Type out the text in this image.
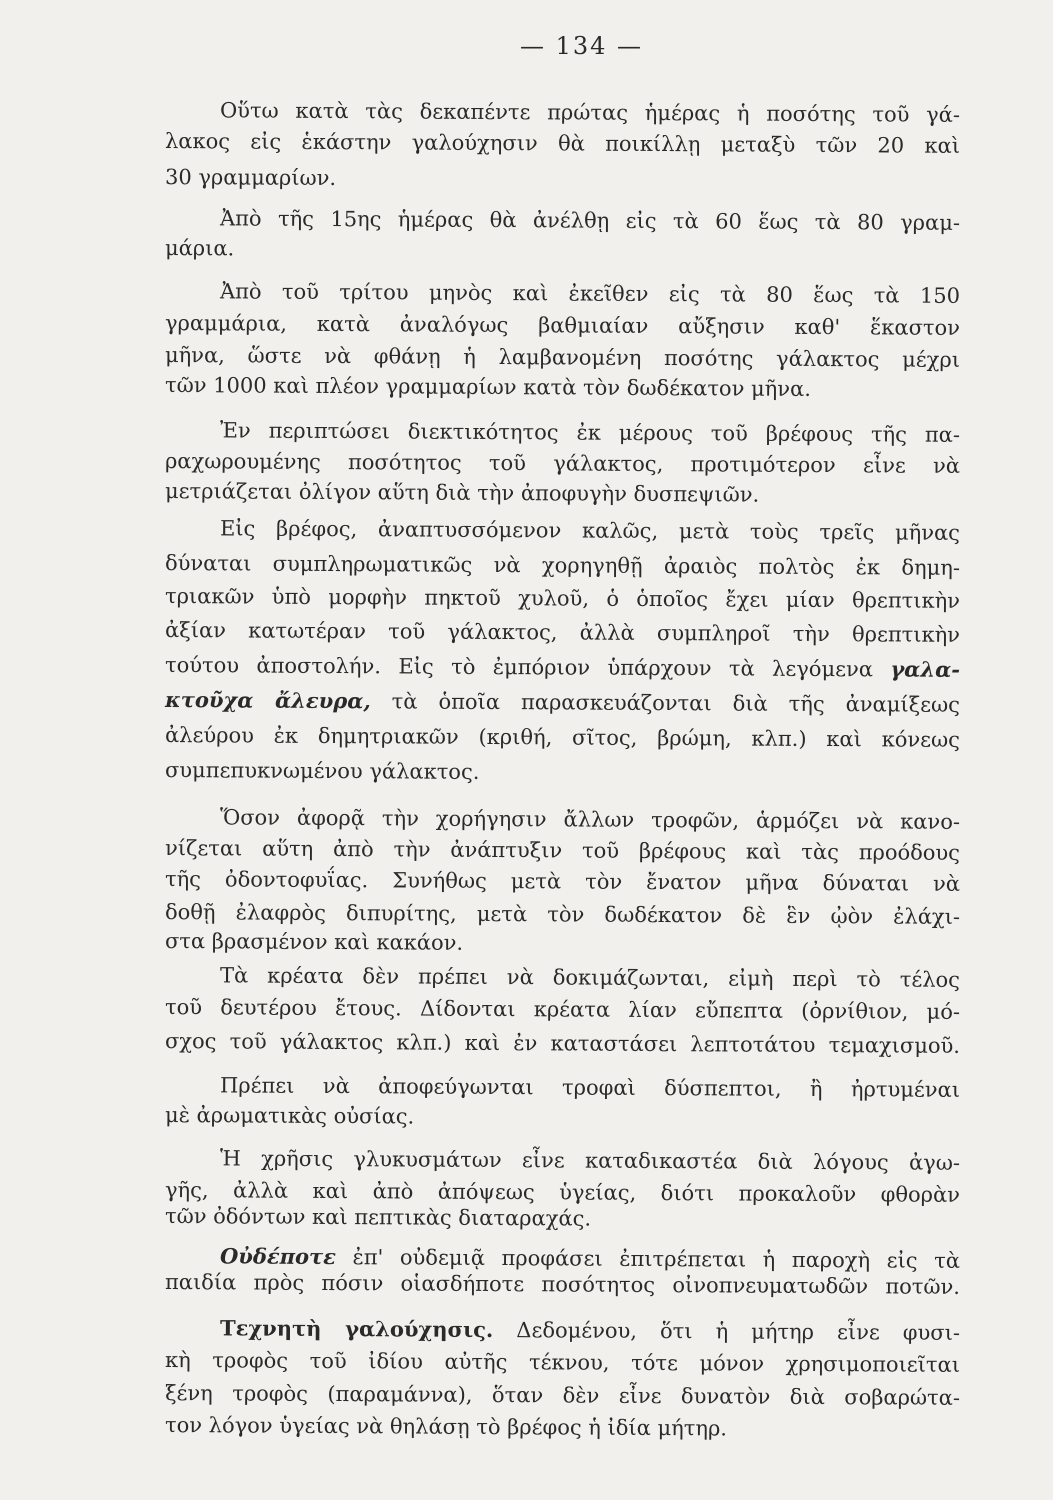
— 134 —
Οὕτω κατὰ τὰς δεκαπέντε πρώτας ἡμέρας ἡ ποσότης τοῦ γά-
λακος εἰς ἑκάστην γαλούχησιν θὰ ποικίλλῃ μεταξὺ τῶν 20 καὶ
30 γραμμαρίων.
Ἀπὸ τῆς 15ης ἡμέρας θὰ ἀνέλθῃ εἰς τὰ 60 ἕως τὰ 80 γραμ-
μάρια.
Ἀπὸ τοῦ τρίτου μηνὸς καὶ ἐκεῖθεν εἰς τὰ 80 ἕως τὰ 150
γραμμάρια, κατὰ ἀναλόγως βαθμιαίαν αὔξησιν καθ' ἕκαστον
μῆνα, ὥστε νὰ φθάνῃ ἡ λαμβανομένη ποσότης γάλακτος μέχρι
τῶν 1000 καὶ πλέον γραμμαρίων κατὰ τὸν δωδέκατον μῆνα.
Ἐν περιπτώσει διεκτικότητος ἐκ μέρους τοῦ βρέφους τῆς πα-
ραχωρουμένης ποσότητος τοῦ γάλακτος, προτιμότερον εἶνε νὰ
μετριάζεται ὀλίγον αὕτη διὰ τὴν ἀποφυγὴν δυσπεψιῶν.
Εἰς βρέφος, ἀναπτυσσόμενον καλῶς, μετὰ τοὺς τρεῖς μῆνας
δύναται συμπληρωματικῶς νὰ χορηγηθῇ ἀραιὸς πολτὸς ἐκ δημη-
τριακῶν ὑπὸ μορφὴν πηκτοῦ χυλοῦ, ὁ ὁποῖος ἔχει μίαν θρεπτικὴν
ἀξίαν κατωτέραν τοῦ γάλακτος, ἀλλὰ συμπληροῖ τὴν θρεπτικὴν
τούτου ἀποστολήν. Εἰς τὸ ἐμπόριον ὑπάρχουν τὰ λεγόμενα γαλα-
κτοῦχα ἄλευρα, τὰ ὁποῖα παρασκευάζονται διὰ τῆς ἀναμίξεως
ἀλεύρου ἐκ δημητριακῶν (κριθή, σῖτος, βρώμη, κλπ.) καὶ κόνεως
συμπεπυκνωμένου γάλακτος.
Ὅσον ἀφορᾷ τὴν χορήγησιν ἄλλων τροφῶν, ἁρμόζει νὰ κανο-
νίζεται αὕτη ἀπὸ τὴν ἀνάπτυξιν τοῦ βρέφους καὶ τὰς προόδους
τῆς ὀδοντοφυΐας. Συνήθως μετὰ τὸν ἔνατον μῆνα δύναται νὰ
δοθῇ ἐλαφρὸς διπυρίτης, μετὰ τὸν δωδέκατον δὲ ἓν ᾠὸν ἐλάχι-
στα βρασμένον καὶ κακάον.
Τὰ κρέατα δὲν πρέπει νὰ δοκιμάζωνται, εἰμὴ περὶ τὸ τέλος
τοῦ δευτέρου ἔτους. Δίδονται κρέατα λίαν εὔπεπτα (ὀρνίθιον, μό-
σχος τοῦ γάλακτος κλπ.) καὶ ἐν καταστάσει λεπτοτάτου τεμαχισμοῦ.
Πρέπει νὰ ἀποφεύγωνται τροφαὶ δύσπεπτοι, ἢ ἠρτυμέναι
μὲ ἀρωματικὰς οὐσίας.
Ἡ χρῆσις γλυκυσμάτων εἶνε καταδικαστέα διὰ λόγους ἀγω-
γῆς, ἀλλὰ καὶ ἀπὸ ἀπόψεως ὑγείας, διότι προκαλοῦν φθορὰν
τῶν ὀδόντων καὶ πεπτικὰς διαταραχάς.
Οὐδέποτε ἐπ' οὐδεμιᾷ προφάσει ἐπιτρέπεται ἡ παροχὴ εἰς τὰ
παιδία πρὸς πόσιν οἱασδήποτε ποσότητος οἰνοπνευματωδῶν ποτῶν.
Τεχνητὴ γαλούχησις. Δεδομένου, ὅτι ἡ μήτηρ εἶνε φυσι-
κὴ τροφὸς τοῦ ἰδίου αὐτῆς τέκνου, τότε μόνον χρησιμοποιεῖται
ξένη τροφὸς (παραμάννα), ὅταν δὲν εἶνε δυνατὸν διὰ σοβαρώτα-
τον λόγον ὑγείας νὰ θηλάσῃ τὸ βρέφος ἡ ἰδία μήτηρ.
